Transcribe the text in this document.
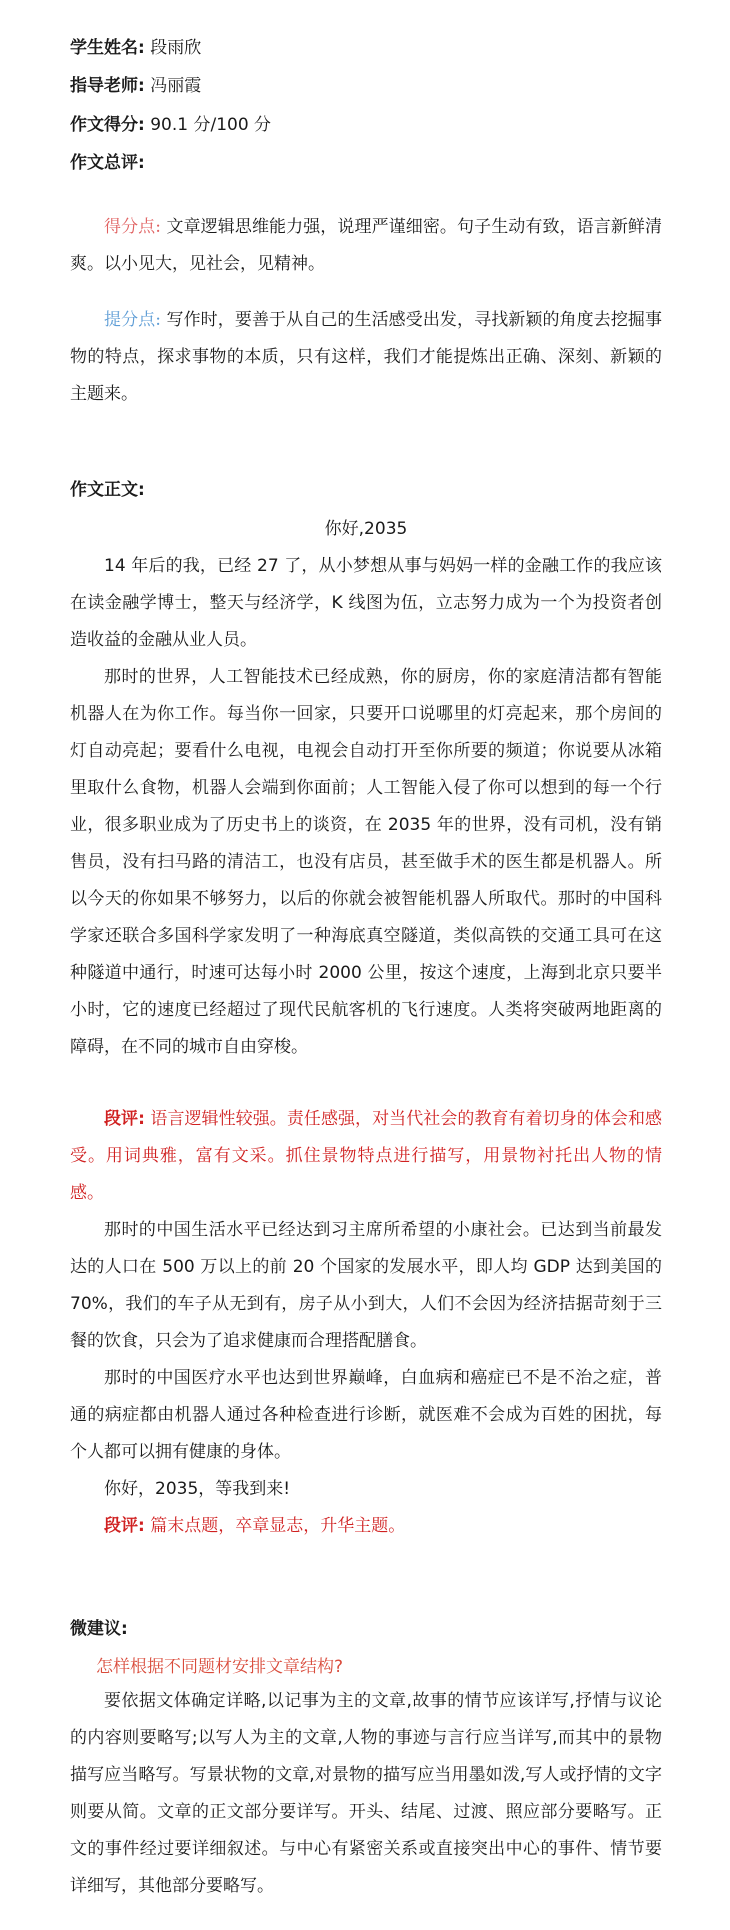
学生姓名: 段雨欣
指导老师: 冯丽霞
作文得分: 90.1 分/100 分
作文总评:

得分点: 文章逻辑思维能力强，说理严谨细密。句子生动有致，语言新鲜清爽。以小见大，见社会，见精神。

提分点: 写作时，要善于从自己的生活感受出发，寻找新颖的角度去挖掘事物的特点，探求事物的本质，只有这样，我们才能提炼出正确、深刻、新颖的主题来。

作文正文:
你好,2035

14 年后的我，已经 27 了，从小梦想从事与妈妈一样的金融工作的我应该在读金融学博士，整天与经济学，K 线图为伍，立志努力成为一个为投资者创造收益的金融从业人员。

那时的世界，人工智能技术已经成熟，你的厨房，你的家庭清洁都有智能机器人在为你工作。每当你一回家，只要开口说哪里的灯亮起来，那个房间的灯自动亮起；要看什么电视，电视会自动打开至你所要的频道；你说要从冰箱里取什么食物，机器人会端到你面前；人工智能入侵了你可以想到的每一个行业，很多职业成为了历史书上的谈资，在 2035 年的世界，没有司机，没有销售员，没有扫马路的清洁工，也没有店员，甚至做手术的医生都是机器人。所以今天的你如果不够努力，以后的你就会被智能机器人所取代。那时的中国科学家还联合多国科学家发明了一种海底真空隧道，类似高铁的交通工具可在这种隧道中通行，时速可达每小时 2000 公里，按这个速度，上海到北京只要半小时，它的速度已经超过了现代民航客机的飞行速度。人类将突破两地距离的障碍，在不同的城市自由穿梭。

段评: 语言逻辑性较强。责任感强，对当代社会的教育有着切身的体会和感受。用词典雅，富有文采。抓住景物特点进行描写，用景物衬托出人物的情感。

那时的中国生活水平已经达到习主席所希望的小康社会。已达到当前最发达的人口在 500 万以上的前 20 个国家的发展水平，即人均 GDP 达到美国的 70%，我们的车子从无到有，房子从小到大，人们不会因为经济拮据苛刻于三餐的饮食，只会为了追求健康而合理搭配膳食。

那时的中国医疗水平也达到世界巅峰，白血病和癌症已不是不治之症，普通的病症都由机器人通过各种检查进行诊断，就医难不会成为百姓的困扰，每个人都可以拥有健康的身体。

你好，2035，等我到来!

段评: 篇末点题，卒章显志，升华主题。

微建议:
怎样根据不同题材安排文章结构?

要依据文体确定详略,以记事为主的文章,故事的情节应该详写,抒情与议论的内容则要略写;以写人为主的文章,人物的事迹与言行应当详写,而其中的景物描写应当略写。写景状物的文章,对景物的描写应当用墨如泼,写人或抒情的文字则要从简。文章的正文部分要详写。开头、结尾、过渡、照应部分要略写。正文的事件经过要详细叙述。与中心有紧密关系或直接突出中心的事件、情节要详细写，其他部分要略写。
